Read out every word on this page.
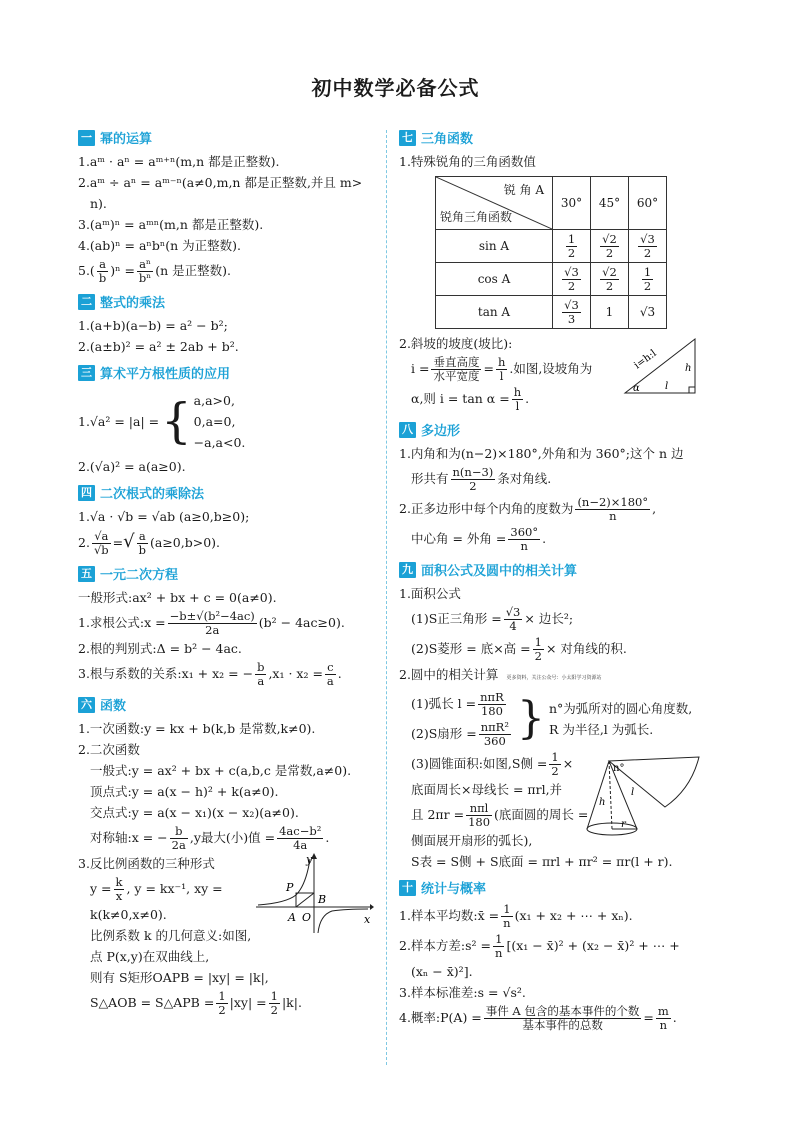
初中数学必备公式
一 幂的运算
1.aᵐ · aⁿ = aᵐ⁺ⁿ(m,n 都是正整数).
2.aᵐ ÷ aⁿ = aᵐ⁻ⁿ(a≠0,m,n 都是正整数,并且 m>
n).
3.(aᵐ)ⁿ = aᵐⁿ(m,n 都是正整数).
4.(ab)ⁿ = aⁿbⁿ(n 为正整数).
$5.( \frac{a}{b} )^n = \frac{\text{aⁿ}}{\text{bⁿ}} (n$ 是正整数).
二 整式的乘法
1.(a+b)(a−b) = a² − b²;
2.(a±b)² = a² ± 2ab + b².
三 算术平方根性质的应用
1.√a² = |a| = { a,a>0,
0,a=0,
−a,a<0.
2.(√a)² = a(a≥0).
四 二次根式的乘除法
1.√a · √b = √ab (a≥0,b≥0);
2. $\frac{√a}{√b}$ =√ $\frac{a}{b} (a\ge 0,b>0)$.
五 一元二次方程
一般形式:ax² + bx + c = 0(a≠0).
1.求根公式:x = $\frac{\text{−b±√(b²−4ac)}}{2a} (b^2 - 4ac\ge 0)$.
2.根的判别式:Δ = b² − 4ac.
3.根与系数的关系:x₁ + x₂ = − $\frac{b}{a} ,x_1 \cdot x_2 = \frac{c}{a}$ .
六 函数
1.一次函数:y = kx + b(k,b 是常数,k≠0).
2.二次函数
一般式:y = ax² + bx + c(a,b,c 是常数,a≠0).
顶点式:y = a(x − h)² + k(a≠0).
交点式:y = a(x − x₁)(x − x₂)(a≠0).
对称轴:x = − $\frac{b}{2a} ,y$最大(小)值 = $\frac{\text{4ac−b²}}{4a}$ .
3.反比例函数的三种形式
$y = \frac{k}{x}$ , y = kx⁻¹, xy =
k(k≠0,x≠0).
比例系数 k 的几何意义:如图,
点 P(x,y)在双曲线上,
则有 S矩形OAPB = |xy| = |k|,
S△AOB = S△APB = $\frac{1}{2} |xy| = \frac{1}{2} |k|$.
y
x
P
A O
B
七 三角函数
1.特殊锐角的三角函数值
锐 角 A
锐角三角函数	30°	45°	60°
sin A	$\frac{1}{2}$	$\frac{√2}{2}$	$\frac{√3}{2}$

cos A	$\frac{√3}{2}$	$\frac{√2}{2}$	$\frac{1}{2}$

tan A	$\frac{√3}{3}$	1	√3
2.斜坡的坡度(坡比):
$i = \frac{\text{垂直高度}}{\text{水平宽度}} = \frac{h}{l}$ .如图,设坡角为
α,则 $i = \tan \alpha = \frac{h}{l}$ .
i=h:l	h
l
α
八 多边形
1.内角和为(n−2)×180°,外角和为 360°;这个 n 边
形共有 $\frac{n(n-3)}{2}$ 条对角线.
2.正多边形中每个内角的度数为 $\frac{(n-2)\times 180^\circ}{n}$ ,
中心角 = 外角 = $\frac{360^\circ}{n}$ .
九 面积公式及圆中的相关计算
1.面积公式
(1)S正三角形 = $\frac{√3}{4}$ × 边长²;
(2)S菱形 = 底×高 = $\frac{1}{2}$ × 对角线的积.
2.圆中的相关计算 更多资料，关注公众号：小太阳学习资源站
(1)弧长 $l = \frac{\text{nπR}}{180}$
(2)S扇形 = $\frac{\text{nπR²}}{360}$ } n°为弧所对的圆心角度数,
R 为半径,l 为弧长.
(3)圆锥面积:如图,S侧 = $\frac{1}{2}$ ×
底面周长×母线长 = πrl,并
且 $2\pi r = \frac{\text{nπl}}{180}$ (底面圆的周长 =
侧面展开扇形的弧长),
S表 = S侧 + S底面 = πrl + πr² = πr(l + r).
n°
h
l
r
十 统计与概率
1.样本平均数:x̄ = $\frac{1}{n} (x_1 + x_2$ + ⋯ + xₙ).
2.样本方差:s² = $\frac{1}{n} [(x_1$ − x̄)² + (x₂ − x̄)² + ⋯ +
(xₙ − x̄)²].
3.样本标准差:s = √s².
4.概率:P(A) = $\frac{\text{事件 A 包含的基本事件的个数}}{\text{基本事件的总数}} = \frac{m}{n}$ .
